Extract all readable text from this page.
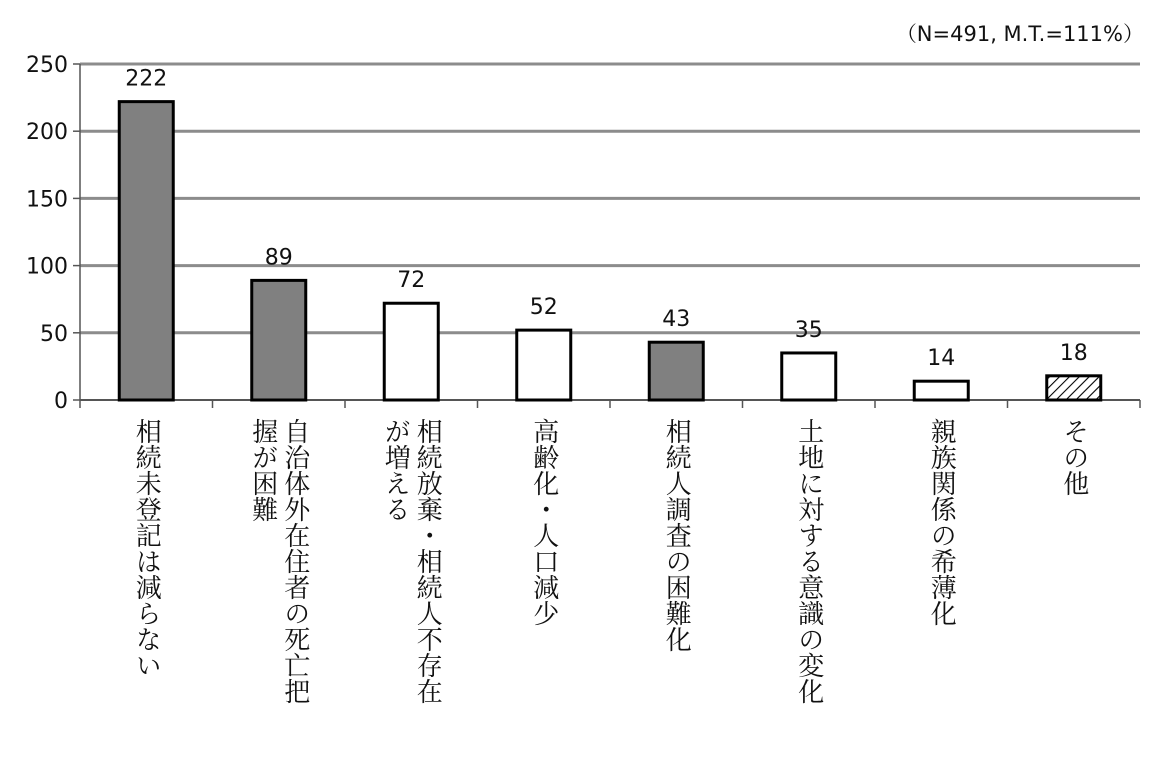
（N=491, M.T.=111%）
0
50
100
150
200
250
222
相続未登記は減らない
89
自治体外在住者の死亡把
握が困難
72
相続放棄・相続人不存在
が増える
52
高齢化・人口減少
43
相続人調査の困難化
35
土地に対する意識の変化
14
親族関係の希薄化
18
その他
